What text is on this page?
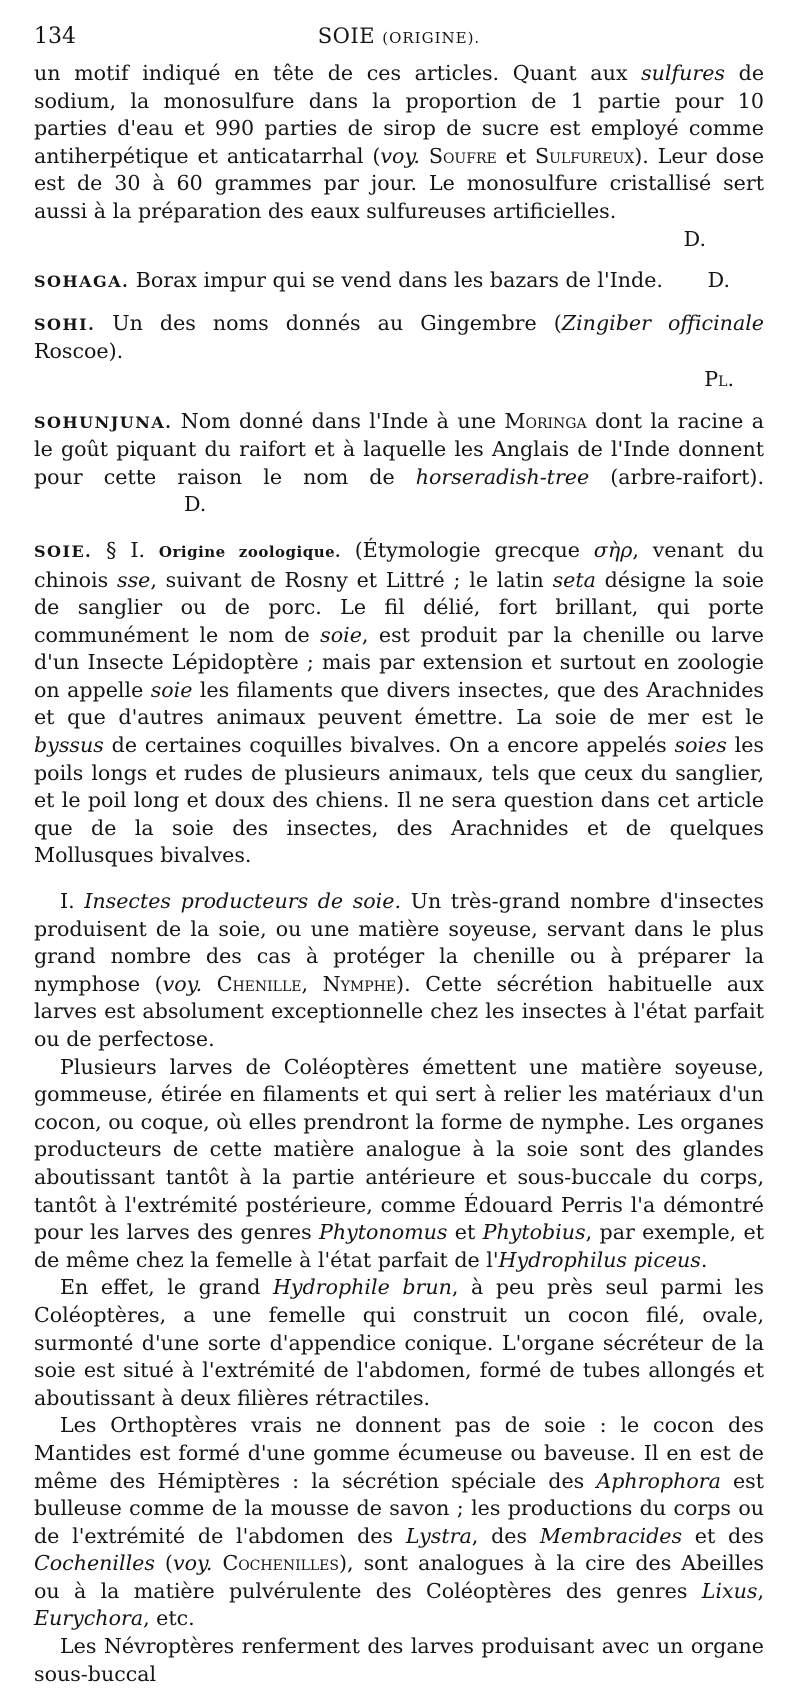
134	SOIE (ORIGINE).

un motif indiqué en tête de ces articles. Quant aux sulfures de sodium, la monosulfure dans la proportion de 1 partie pour 10 parties d'eau et 990 parties de sirop de sucre est employé comme antiherpétique et anticatarrhal (voy. Soufre et Sulfureux). Leur dose est de 30 à 60 grammes par jour. Le monosulfure cristallisé sert aussi à la préparation des eaux sulfureuses artificielles.

D.

SOHAGA. Borax impur qui se vend dans les bazars de l'Inde. D.

SOHI. Un des noms donnés au Gingembre (Zingiber officinale Roscoe).

Pl.

SOHUNJUNA. Nom donné dans l'Inde à une Moringa dont la racine a le goût piquant du raifort et à laquelle les Anglais de l'Inde donnent pour cette raison le nom de horseradish-tree (arbre-raifort).D.

SOIE. § I. Origine zoologique. (Étymologie grecque σὴρ, venant du chinois sse, suivant de Rosny et Littré ; le latin seta désigne la soie de sanglier ou de porc. Le fil délié, fort brillant, qui porte communément le nom de soie, est produit par la chenille ou larve d'un Insecte Lépidoptère ; mais par extension et surtout en zoologie on appelle soie les filaments que divers insectes, que des Arachnides et que d'autres animaux peuvent émettre. La soie de mer est le byssus de certaines coquilles bivalves. On a encore appelés soies les poils longs et rudes de plusieurs animaux, tels que ceux du sanglier, et le poil long et doux des chiens. Il ne sera question dans cet article que de la soie des insectes, des Arachnides et de quelques Mollusques bivalves.

I. Insectes producteurs de soie. Un très-grand nombre d'insectes produisent de la soie, ou une matière soyeuse, servant dans le plus grand nombre des cas à protéger la chenille ou à préparer la nymphose (voy. Chenille, Nymphe). Cette sécrétion habituelle aux larves est absolument exceptionnelle chez les insectes à l'état parfait ou de perfectose.

Plusieurs larves de Coléoptères émettent une matière soyeuse, gommeuse, étirée en filaments et qui sert à relier les matériaux d'un cocon, ou coque, où elles prendront la forme de nymphe. Les organes producteurs de cette matière analogue à la soie sont des glandes aboutissant tantôt à la partie antérieure et sous-buccale du corps, tantôt à l'extrémité postérieure, comme Édouard Perris l'a démontré pour les larves des genres Phytonomus et Phytobius, par exemple, et de même chez la femelle à l'état parfait de l'Hydrophilus piceus.

En effet, le grand Hydrophile brun, à peu près seul parmi les Coléoptères, a une femelle qui construit un cocon filé, ovale, surmonté d'une sorte d'appendice conique. L'organe sécréteur de la soie est situé à l'extrémité de l'abdomen, formé de tubes allongés et aboutissant à deux filières rétractiles.

Les Orthoptères vrais ne donnent pas de soie : le cocon des Mantides est formé d'une gomme écumeuse ou baveuse. Il en est de même des Hémiptères : la sécrétion spéciale des Aphrophora est bulleuse comme de la mousse de savon ; les productions du corps ou de l'extrémité de l'abdomen des Lystra, des Membracides et des Cochenilles (voy. Cochenilles), sont analogues à la cire des Abeilles ou à la matière pulvérulente des Coléoptères des genres Lixus, Eurychora, etc.

Les Névroptères renferment des larves produisant avec un organe sous-buccal
